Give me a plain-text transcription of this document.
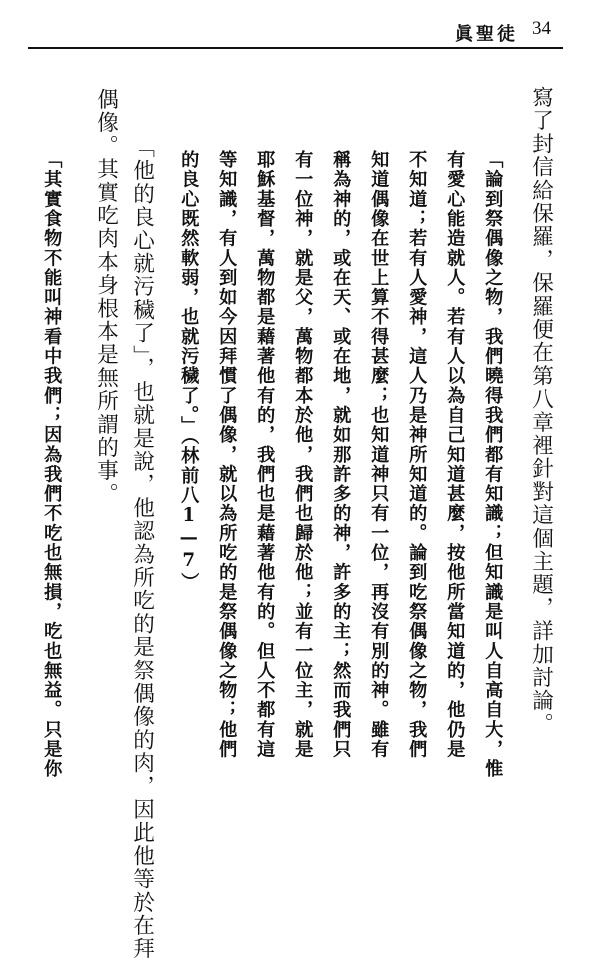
眞聖徒 34
寫了封信給保羅，保羅便在第八章裡針對這個主題，詳加討論。
「論到祭偶像之物，我們曉得我們都有知識；但知識是叫人自高自大，惟
有愛心能造就人。若有人以為自己知道甚麼，按他所當知道的，他仍是
不知道；若有人愛神，這人乃是神所知道的。論到吃祭偶像之物，我們
知道偶像在世上算不得甚麼；也知道神只有一位，再沒有別的神。雖有
稱為神的，或在天、或在地，就如那許多的神，許多的主；然而我們只
有一位神，就是父，萬物都本於他，我們也歸於他；並有一位主，就是
耶穌基督，萬物都是藉著他有的，我們也是藉著他有的。但人不都有這
等知識，有人到如今因拜慣了偶像，就以為所吃的是祭偶像之物；他們
的良心既然軟弱，也就污穢了。」（林前八1—7）
「他的良心就污穢了」，也就是說，他認為所吃的是祭偶像的肉，因此他等於在拜
偶像。其實吃肉本身根本是無所謂的事。
「其實食物不能叫神看中我們；因為我們不吃也無損，吃也無益。只是你
